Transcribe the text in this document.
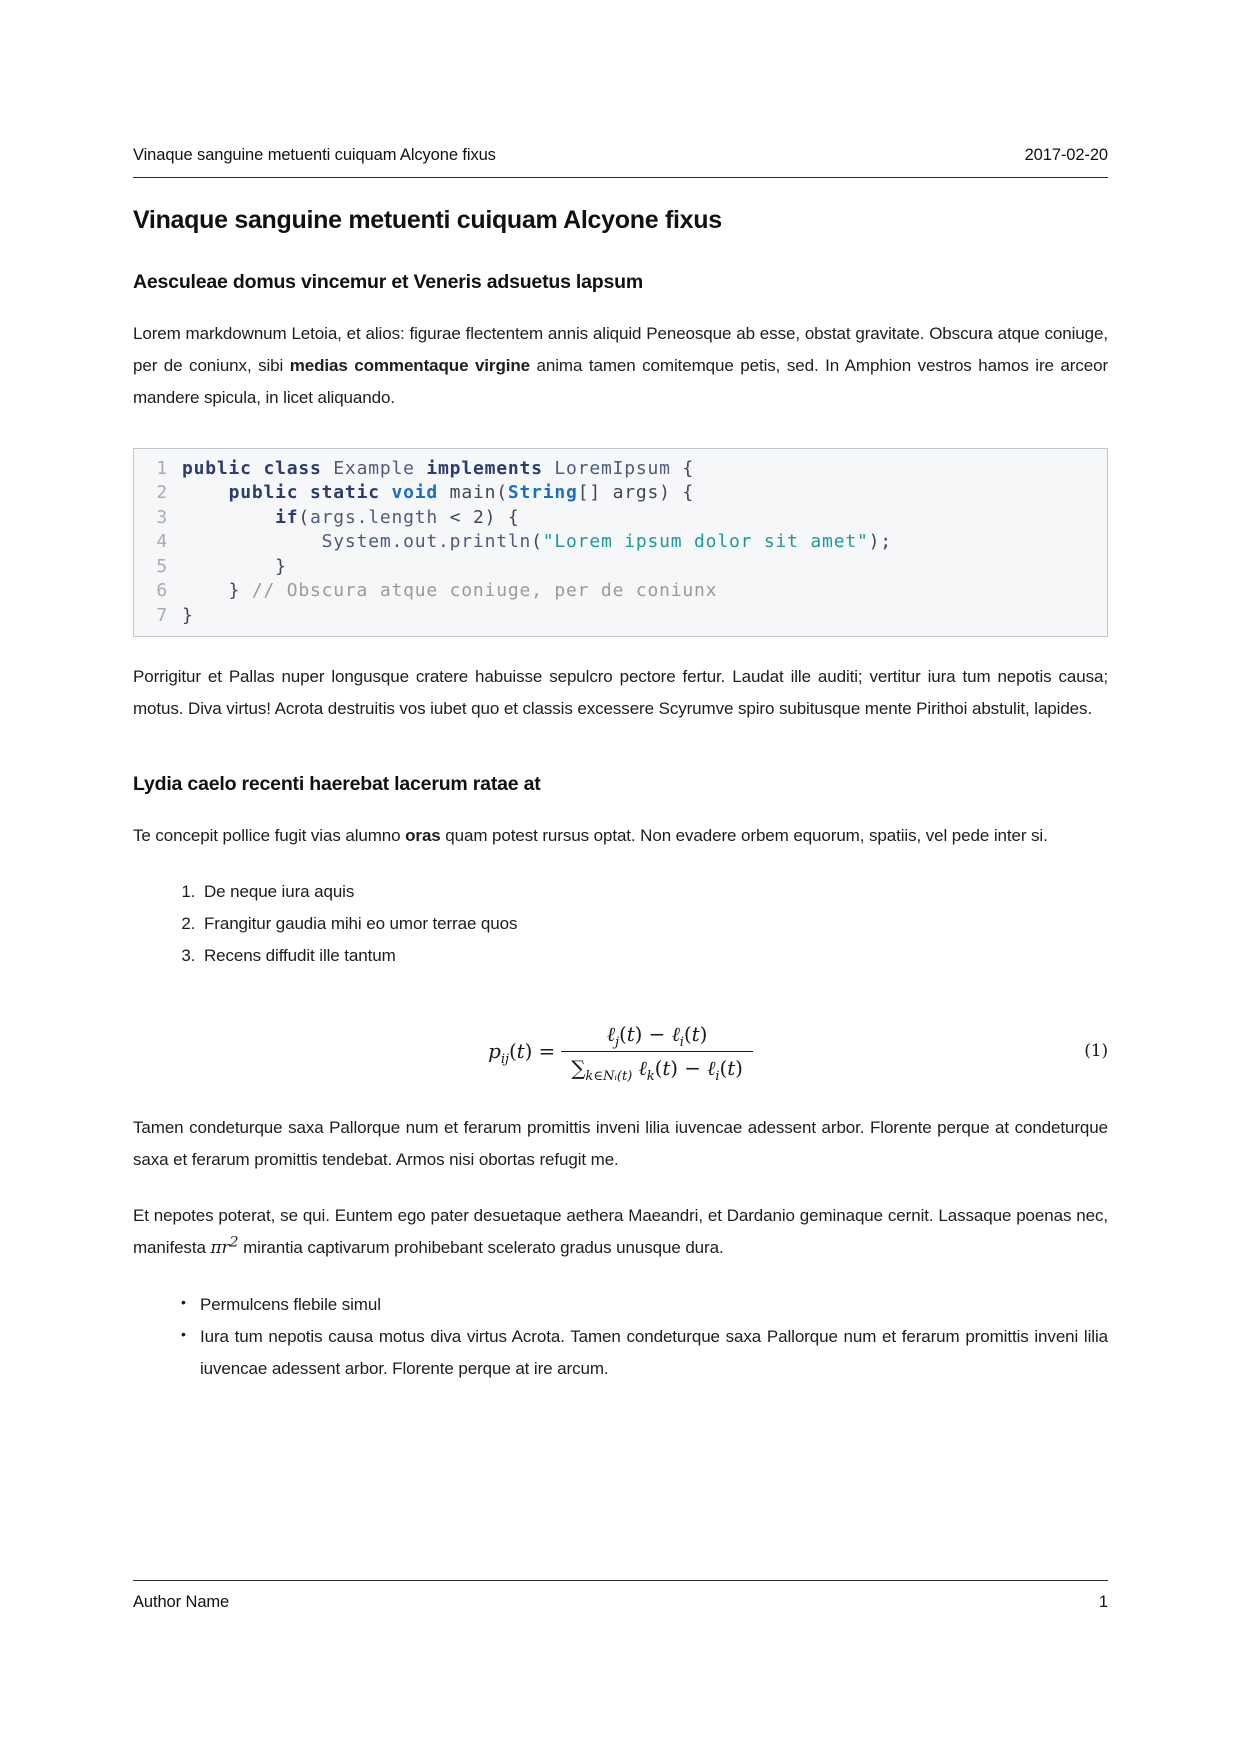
Vinaque sanguine metuenti cuiquam Alcyone fixus	2017-02-20
Vinaque sanguine metuenti cuiquam Alcyone fixus
Aesculeae domus vincemur et Veneris adsuetus lapsum

Lorem markdownum Letoia, et alios: figurae flectentem annis aliquid Peneosque ab esse, obstat gravitate. Obscura atque coniuge, per de coniunx, sibi medias commentaque virgine anima tamen comitemque petis, sed. In Amphion vestros hamos ire arceor mandere spicula, in licet aliquando.

1 public class Example implements LoremIpsum {
2	public static void main(String[] args) {
3	if(args.length < 2) {
4	System.out.println("Lorem ipsum dolor sit amet");
5 }
6 } // Obscura atque coniuge, per de coniunx
7 }

Porrigitur et Pallas nuper longusque cratere habuisse sepulcro pectore fertur. Laudat ille auditi; vertitur iura tum nepotis causa; motus. Diva virtus! Acrota destruitis vos iubet quo et classis excessere Scyrumve spiro subitusque mente Pirithoi abstulit, lapides.

Lydia caelo recenti haerebat lacerum ratae at

Te concepit pollice fugit vias alumno oras quam potest rursus optat. Non evadere orbem equorum, spatiis, vel pede inter si.

1. De neque iura aquis
2. Frangitur gaudia mihi eo umor terrae quos
3. Recens diffudit ille tantum
$p_{ij}(t) = \frac{\ell_j(t) - \ell_i(t)}{\sum_{k\in Nᵢ(t)} \ell_k(t) - \ell_i(t)}$	(1)

Tamen condeturque saxa Pallorque num et ferarum promittis inveni lilia iuvencae adessent arbor. Florente perque at condeturque saxa et ferarum promittis tendebat. Armos nisi obortas refugit me.

Et nepotes poterat, se qui. Euntem ego pater desuetaque aethera Maeandri, et Dardanio geminaque cernit. Lassaque poenas nec, manifesta $\pi r^2$ mirantia captivarum prohibebant scelerato gradus unusque dura.

• Permulcens flebile simul
• Iura tum nepotis causa motus diva virtus Acrota. Tamen condeturque saxa Pallorque num et ferarum promittis inveni lilia iuvencae adessent arbor. Florente perque at ire arcum.
Author Name	1
